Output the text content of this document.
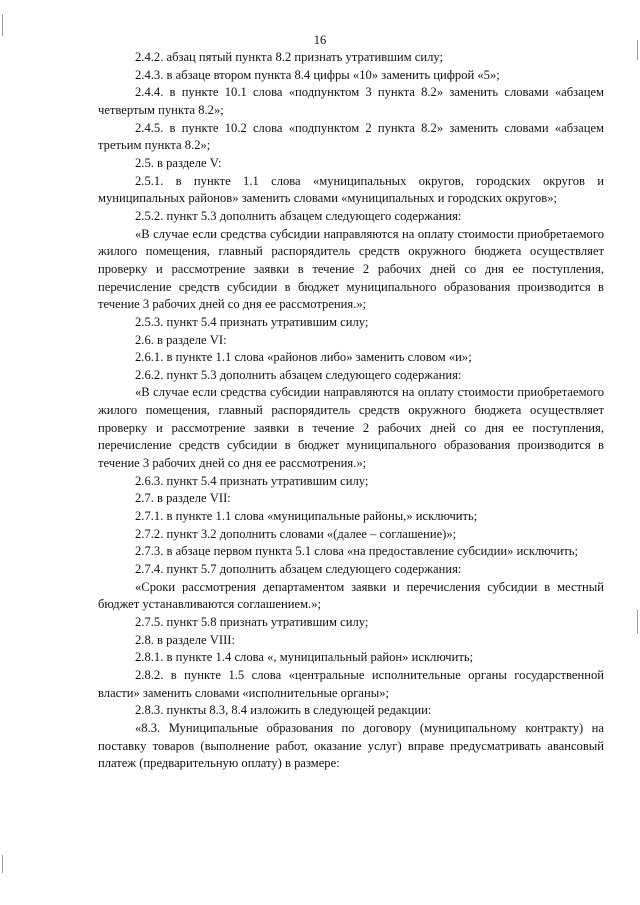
16

2.4.2. абзац пятый пункта 8.2 признать утратившим силу;

2.4.3. в абзаце втором пункта 8.4 цифры «10» заменить цифрой «5»;

2.4.4. в пункте 10.1 слова «подпунктом 3 пункта 8.2» заменить словами «абзацем четвертым пункта 8.2»;

2.4.5. в пункте 10.2 слова «подпунктом 2 пункта 8.2» заменить словами «абзацем третьим пункта 8.2»;

2.5. в разделе V:

2.5.1. в пункте 1.1 слова «муниципальных округов, городских округов и муниципальных районов» заменить словами «муниципальных и городских округов»;

2.5.2. пункт 5.3 дополнить абзацем следующего содержания:

«В случае если средства субсидии направляются на оплату стоимости приобретаемого жилого помещения, главный распорядитель средств окружного бюджета осуществляет проверку и рассмотрение заявки в течение 2 рабочих дней со дня ее поступления, перечисление средств субсидии в бюджет муниципального образования производится в течение 3 рабочих дней со дня ее рассмотрения.»;

2.5.3. пункт 5.4 признать утратившим силу;

2.6. в разделе VI:

2.6.1. в пункте 1.1 слова «районов либо» заменить словом «и»;

2.6.2. пункт 5.3 дополнить абзацем следующего содержания:

«В случае если средства субсидии направляются на оплату стоимости приобретаемого жилого помещения, главный распорядитель средств окружного бюджета осуществляет проверку и рассмотрение заявки в течение 2 рабочих дней со дня ее поступления, перечисление средств субсидии в бюджет муниципального образования производится в течение 3 рабочих дней со дня ее рассмотрения.»;

2.6.3. пункт 5.4 признать утратившим силу;

2.7. в разделе VII:

2.7.1. в пункте 1.1 слова «муниципальные районы,» исключить;

2.7.2. пункт 3.2 дополнить словами «(далее – соглашение)»;

2.7.3. в абзаце первом пункта 5.1 слова «на предоставление субсидии» исключить;

2.7.4. пункт 5.7 дополнить абзацем следующего содержания:

«Сроки рассмотрения департаментом заявки и перечисления субсидии в местный бюджет устанавливаются соглашением.»;

2.7.5. пункт 5.8 признать утратившим силу;

2.8. в разделе VIII:

2.8.1. в пункте 1.4 слова «, муниципальный район» исключить;

2.8.2. в пункте 1.5 слова «центральные исполнительные органы государственной власти» заменить словами «исполнительные органы»;

2.8.3. пункты 8.3, 8.4 изложить в следующей редакции:

«8.3. Муниципальные образования по договору (муниципальному контракту) на поставку товаров (выполнение работ, оказание услуг) вправе предусматривать авансовый платеж (предварительную оплату) в размере:
